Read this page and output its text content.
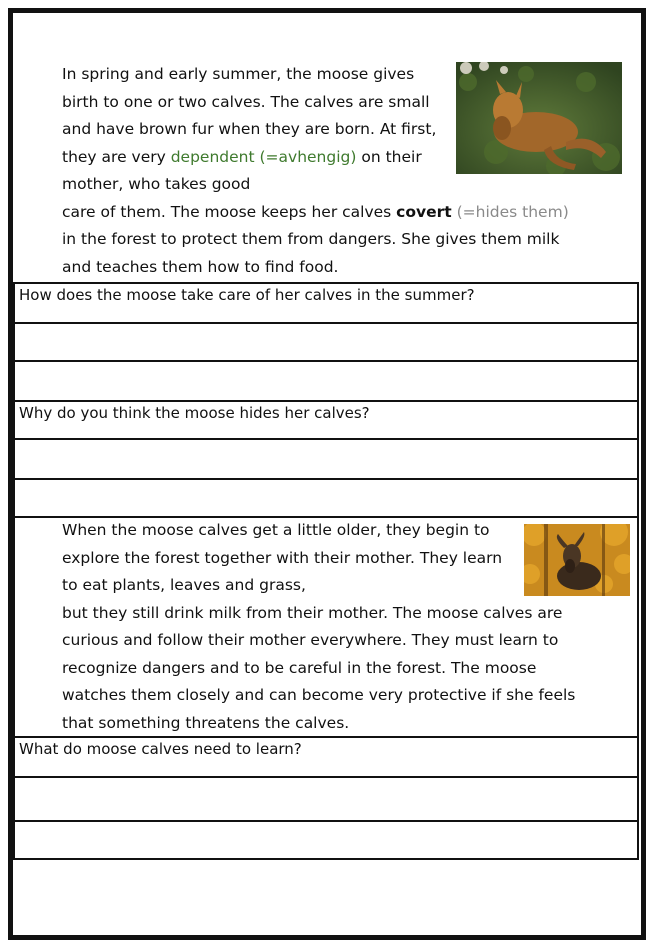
In spring and early summer, the moose gives birth to one or two calves. The calves are small and have brown fur when they are born. At first, they are very dependent (=avhengig) on their mother, who takes good
care of them. The moose keeps her calves covert (=hides them) in the forest to protect them from dangers. She gives them milk and teaches them how to find food.
How does the moose take care of her calves in the summer?
Why do you think the moose hides her calves?
When the moose calves get a little older, they begin to explore the forest together with their mother. They learn to eat plants, leaves and grass,
but they still drink milk from their mother. The moose calves are curious and follow their mother everywhere. They must learn to recognize dangers and to be careful in the forest. The moose watches them closely and can become very protective if she feels that something threatens the calves.
What do moose calves need to learn?
